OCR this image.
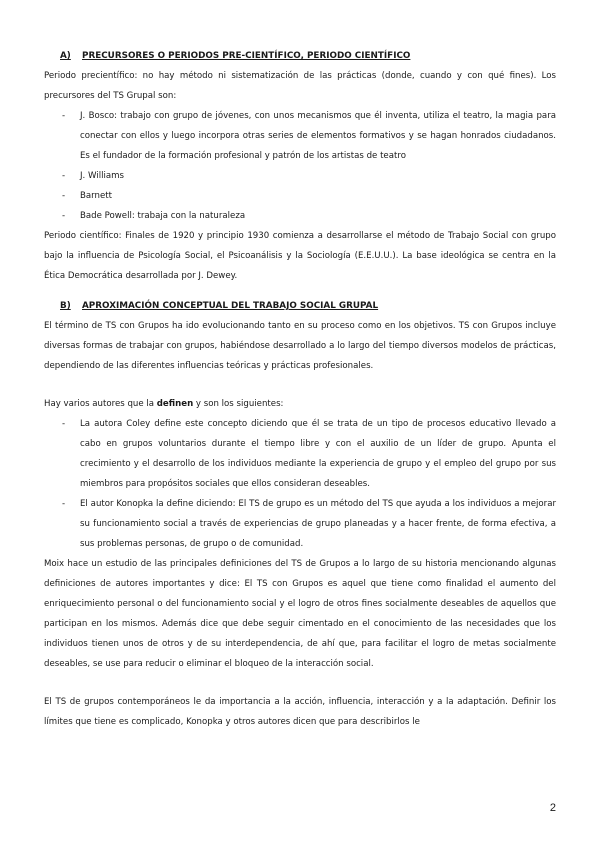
A)	PRECURSORES O PERIODOS PRE-CIENTÍFICO, PERIODO CIENTÍFICO

Periodo precientífico: no hay método ni sistematización de las prácticas (donde, cuando y con qué fines). Los precursores del TS Grupal son:

- J. Bosco: trabajo con grupo de jóvenes, con unos mecanismos que él inventa, utiliza el teatro, la magia para conectar con ellos y luego incorpora otras series de elementos formativos y se hagan honrados ciudadanos. Es el fundador de la formación profesional y patrón de los artistas de teatro
- J. Williams
- Barnett
- Bade Powell: trabaja con la naturaleza

Periodo científico: Finales de 1920 y principio 1930 comienza a desarrollarse el método de Trabajo Social con grupo bajo la influencia de Psicología Social, el Psicoanálisis y la Sociología (E.E.U.U.). La base ideológica se centra en la Ética Democrática desarrollada por J. Dewey.

B)	APROXIMACIÓN CONCEPTUAL DEL TRABAJO SOCIAL GRUPAL

El término de TS con Grupos ha ido evolucionando tanto en su proceso como en los objetivos. TS con Grupos incluye diversas formas de trabajar con grupos, habiéndose desarrollado a lo largo del tiempo diversos modelos de prácticas, dependiendo de las diferentes influencias teóricas y prácticas profesionales.

Hay varios autores que la definen y son los siguientes:

- La autora Coley define este concepto diciendo que él se trata de un tipo de procesos educativo llevado a cabo en grupos voluntarios durante el tiempo libre y con el auxilio de un líder de grupo. Apunta el crecimiento y el desarrollo de los individuos mediante la experiencia de grupo y el empleo del grupo por sus miembros para propósitos sociales que ellos consideran deseables.
- El autor Konopka la define diciendo: El TS de grupo es un método del TS que ayuda a los individuos a mejorar su funcionamiento social a través de experiencias de grupo planeadas y a hacer frente, de forma efectiva, a sus problemas personas, de grupo o de comunidad.

Moix hace un estudio de las principales definiciones del TS de Grupos a lo largo de su historia mencionando algunas definiciones de autores importantes y dice: El TS con Grupos es aquel que tiene como finalidad el aumento del enriquecimiento personal o del funcionamiento social y el logro de otros fines socialmente deseables de aquellos que participan en los mismos. Además dice que debe seguir cimentado en el conocimiento de las necesidades que los individuos tienen unos de otros y de su interdependencia, de ahí que, para facilitar el logro de metas socialmente deseables, se use para reducir o eliminar el bloqueo de la interacción social.

El TS de grupos contemporáneos le da importancia a la acción, influencia, interacción y a la adaptación. Definir los límites que tiene es complicado, Konopka y otros autores dicen que para describirlos le

2
